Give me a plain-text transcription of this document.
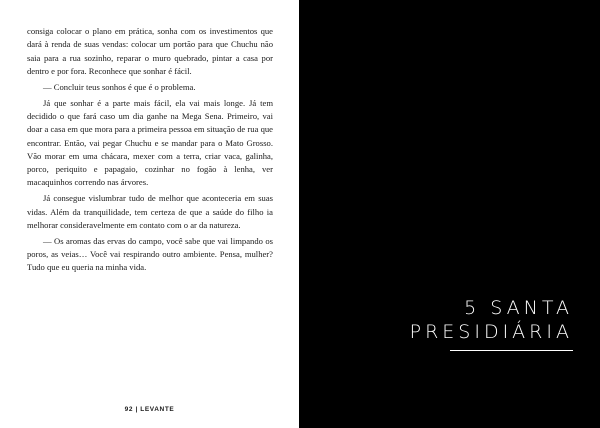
consiga colocar o plano em prática, sonha com os investimentos que dará à renda de suas vendas: colocar um portão para que Chuchu não saia para a rua sozinho, reparar o muro quebrado, pintar a casa por dentro e por fora. Reconhece que sonhar é fácil.

— Concluir teus sonhos é que é o problema.

Já que sonhar é a parte mais fácil, ela vai mais longe. Já tem decidido o que fará caso um dia ganhe na Mega Sena. Primeiro, vai doar a casa em que mora para a primeira pessoa em situação de rua que encontrar. Então, vai pegar Chuchu e se mandar para o Mato Grosso. Vão morar em uma chácara, mexer com a terra, criar vaca, galinha, porco, periquito e papagaio, cozinhar no fogão à lenha, ver macaquinhos correndo nas árvores.

Já consegue vislumbrar tudo de melhor que aconteceria em suas vidas. Além da tranquilidade, tem certeza de que a saúde do filho ia melhorar consideravelmente em contato com o ar da natureza.

— Os aromas das ervas do campo, você sabe que vai limpando os poros, as veias… Você vai respirando outro ambiente. Pensa, mulher? Tudo que eu queria na minha vida.

92 | LEVANTE
5 SANTA
PRESIDIÁRIA
